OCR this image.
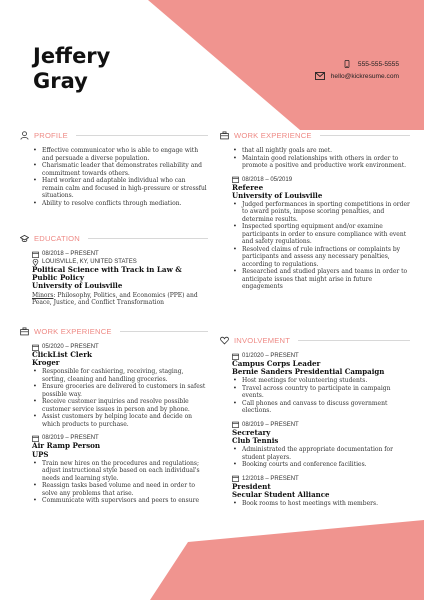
Jeffery
Gray
555-555-5555
hello@kickresume.com
PROFILE
• Effective communicator who is able to engage with and persuade a diverse population.
• Charismatic leader that demonstrates reliability and commitment towards others.
• Hard worker and adaptable individual who can remain calm and focused in high-pressure or stressful situations.
• Ability to resolve conflicts through mediation.
EDUCATION
08/2018 – PRESENT
LOUISVILLE, KY, UNITED STATES
Political Science with Track in Law & Public Policy
University of Louisville
Minors: Philosophy, Politics, and Economics (PPE) and Peace, Justice, and Conflict Transformation
WORK EXPERIENCE
05/2020 – PRESENT
ClickList Clerk
Kroger
• Responsible for cashiering, receiving, staging, sorting, cleaning and handling groceries.
• Ensure groceries are delivered to customers in safest possible way.
• Receive customer inquiries and resolve possible customer service issues in person and by phone.
• Assist customers by helping locate and decide on which products to purchase.
08/2019 – PRESENT
Air Ramp Person
UPS
• Train new hires on the procedures and regulations; adjust instructional style based on each individual's needs and learning style.
• Reassign tasks based volume and need in order to solve any problems that arise.
• Communicate with supervisors and peers to ensure
WORK EXPERIENCE
• that all nightly goals are met.
• Maintain good relationships with others in order to promote a positive and productive work environment.
08/2018 – 05/2019
Referee
University of Louisville
• Judged performances in sporting competitions in order to award points, impose scoring penalties, and determine results.
• Inspected sporting equipment and/or examine participants in order to ensure compliance with event and safety regulations.
• Resolved claims of rule infractions or complaints by participants and assess any necessary penalties, according to regulations.
• Researched and studied players and teams in order to anticipate issues that might arise in future engagements
INVOLVEMENT
01/2020 – PRESENT
Campus Corps Leader
Bernie Sanders Presidential Campaign
• Host meetings for volunteering students.
• Travel across country to participate in campaign events.
• Call phones and canvass to discuss government elections.
08/2019 – PRESENT
Secretary
Club Tennis
• Administrated the appropriate documentation for student players.
• Booking courts and conference facilities.
12/2018 – PRESENT
President
Secular Student Alliance
• Book rooms to host meetings with members.
